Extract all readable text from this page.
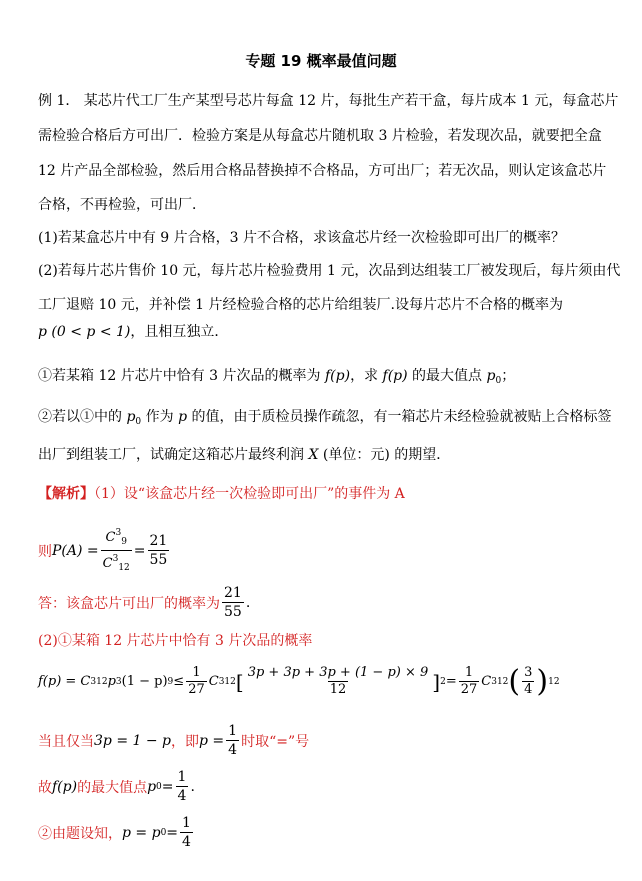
专题 19 概率最值问题
例 1． 某芯片代工厂生产某型号芯片每盒 12 片，每批生产若干盒，每片成本 1 元，每盒芯片
需检验合格后方可出厂．检验方案是从每盒芯片随机取 3 片检验，若发现次品，就要把全盒
12 片产品全部检验，然后用合格品替换掉不合格品，方可出厂；若无次品，则认定该盒芯片
合格，不再检验，可出厂．
(1)若某盒芯片中有 9 片合格，3 片不合格，求该盒芯片经一次检验即可出厂的概率？
(2)若每片芯片售价 10 元，每片芯片检验费用 1 元，次品到达组装工厂被发现后，每片须由代
工厂退赔 10 元，并补偿 1 片经检验合格的芯片给组装厂.设每片芯片不合格的概率为
p (0 < p < 1)，且相互独立．
①若某箱 12 片芯片中恰有 3 片次品的概率为 f(p)，求 f(p) 的最大值点 $p_0$；
②若以①中的 $p_0$ 作为 p 的值，由于质检员操作疏忽，有一箱芯片未经检验就被贴上合格标签
出厂到组装工厂，试确定这箱芯片最终利润 X (单位：元) 的期望．
【解析】（1）设“该盒芯片经一次检验即可出厂”的事件为 A
则 $P(A) = \frac{C^3_9}{C^3_{12}} = \frac{21}{55}$
答：该盒芯片可出厂的概率为 $\frac{21}{55}$ .
(2)①某箱 12 片芯片中恰有 3 片次品的概率
f(p) = C 3 12 p 3 (1 − p) $9 \le \frac{1}{27}$ C 3 12 [ $\frac{3p + 3p + 3p + (1 - p) \times 9}{12}$ ] $2 = \frac{1}{27}$ C 3 12 ( $\frac{3}{4}$ ) 12
当且仅当 3p = 1 − p ，即 $p = \frac{1}{4}$ 时取“=”号
故 f(p) 的最大值点 p $0 = \frac{1}{4}$ .
②由题设知， p = p $0 = \frac{1}{4}$
